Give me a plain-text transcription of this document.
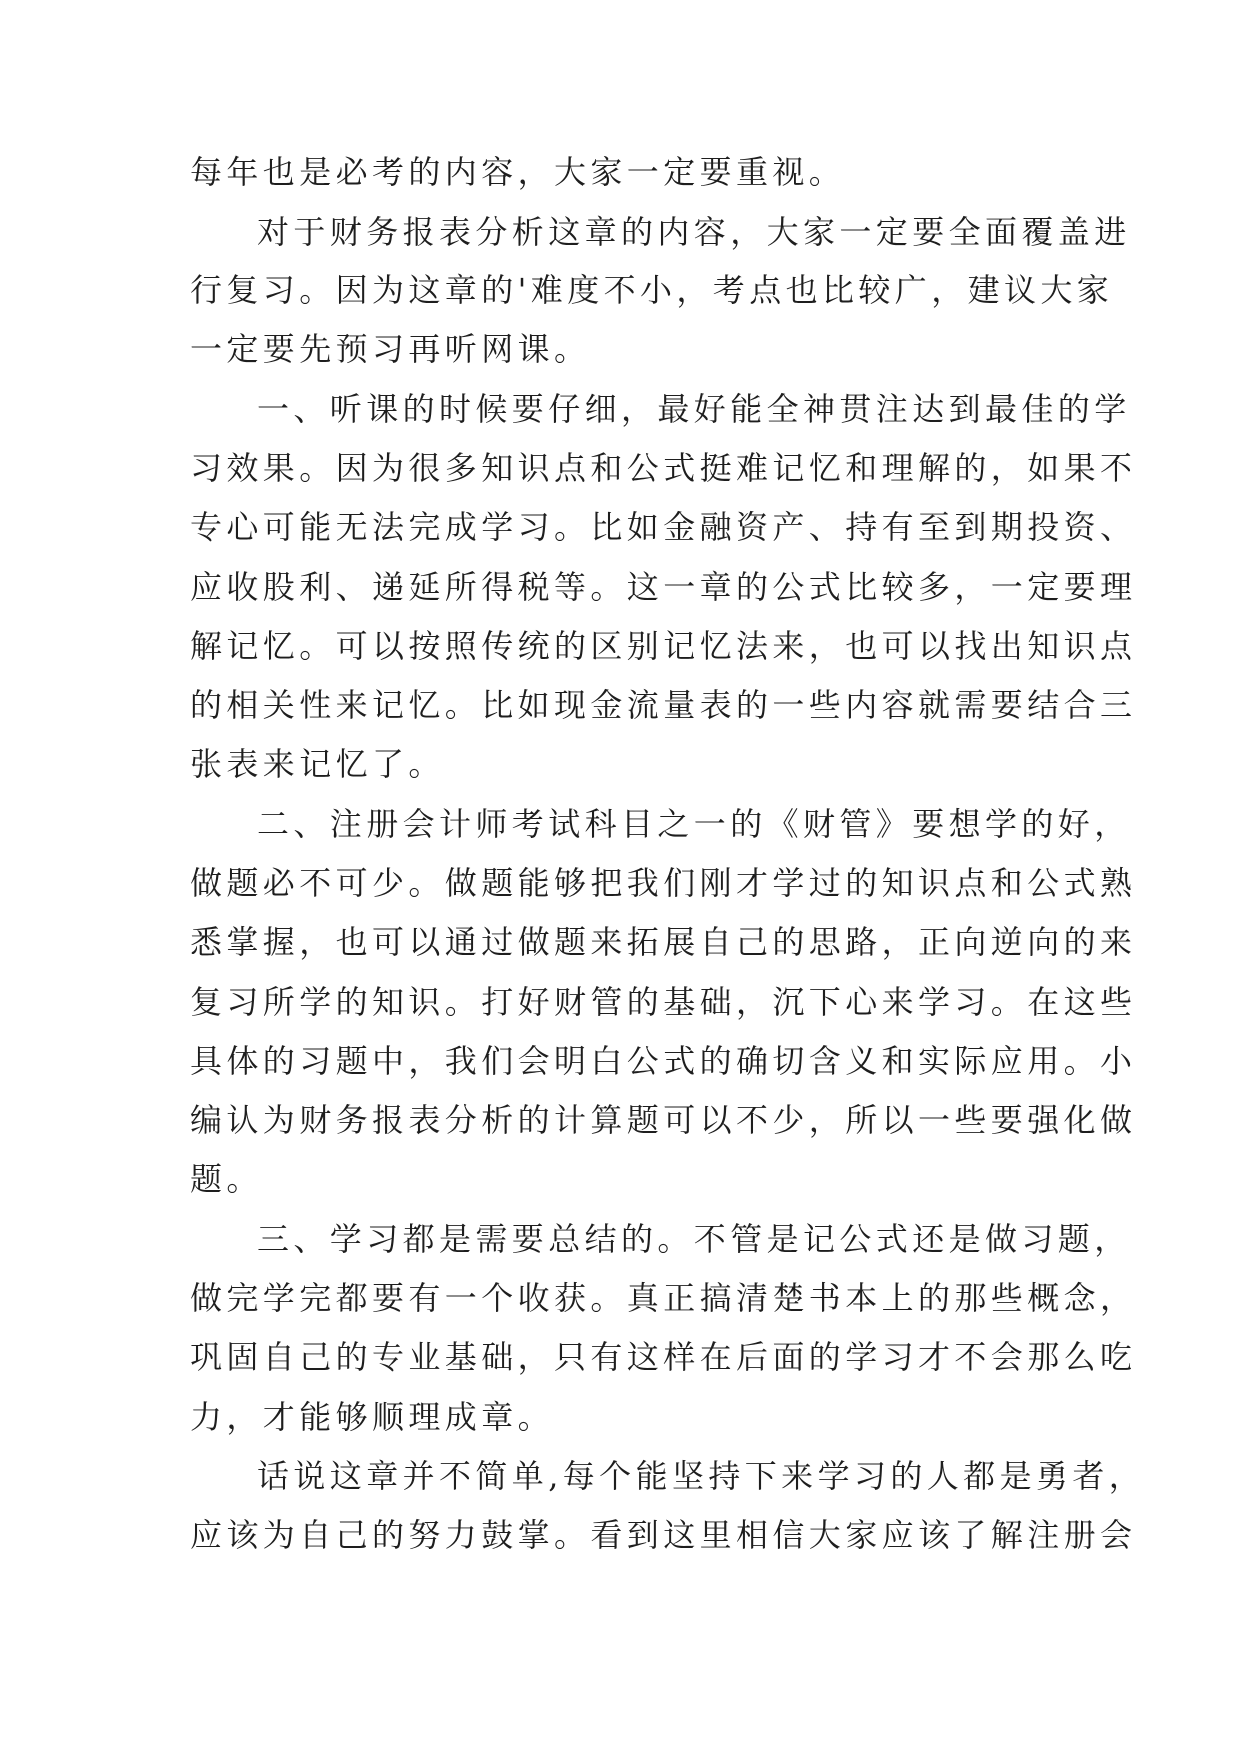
每年也是必考的内容，大家一定要重视。
对于财务报表分析这章的内容，大家一定要全面覆盖进
行复习。因为这章的'难度不小，考点也比较广，建议大家
一定要先预习再听网课。
一、听课的时候要仔细，最好能全神贯注达到最佳的学
习效果。因为很多知识点和公式挺难记忆和理解的，如果不
专心可能无法完成学习。比如金融资产、持有至到期投资、
应收股利、递延所得税等。这一章的公式比较多，一定要理
解记忆。可以按照传统的区别记忆法来，也可以找出知识点
的相关性来记忆。比如现金流量表的一些内容就需要结合三
张表来记忆了。
二、注册会计师考试科目之一的《财管》要想学的好，
做题必不可少。做题能够把我们刚才学过的知识点和公式熟
悉掌握，也可以通过做题来拓展自己的思路，正向逆向的来
复习所学的知识。打好财管的基础，沉下心来学习。在这些
具体的习题中，我们会明白公式的确切含义和实际应用。小
编认为财务报表分析的计算题可以不少，所以一些要强化做
题。
三、学习都是需要总结的。不管是记公式还是做习题，
做完学完都要有一个收获。真正搞清楚书本上的那些概念，
巩固自己的专业基础，只有这样在后面的学习才不会那么吃
力，才能够顺理成章。
话说这章并不简单,每个能坚持下来学习的人都是勇者，
应该为自己的努力鼓掌。看到这里相信大家应该了解注册会
